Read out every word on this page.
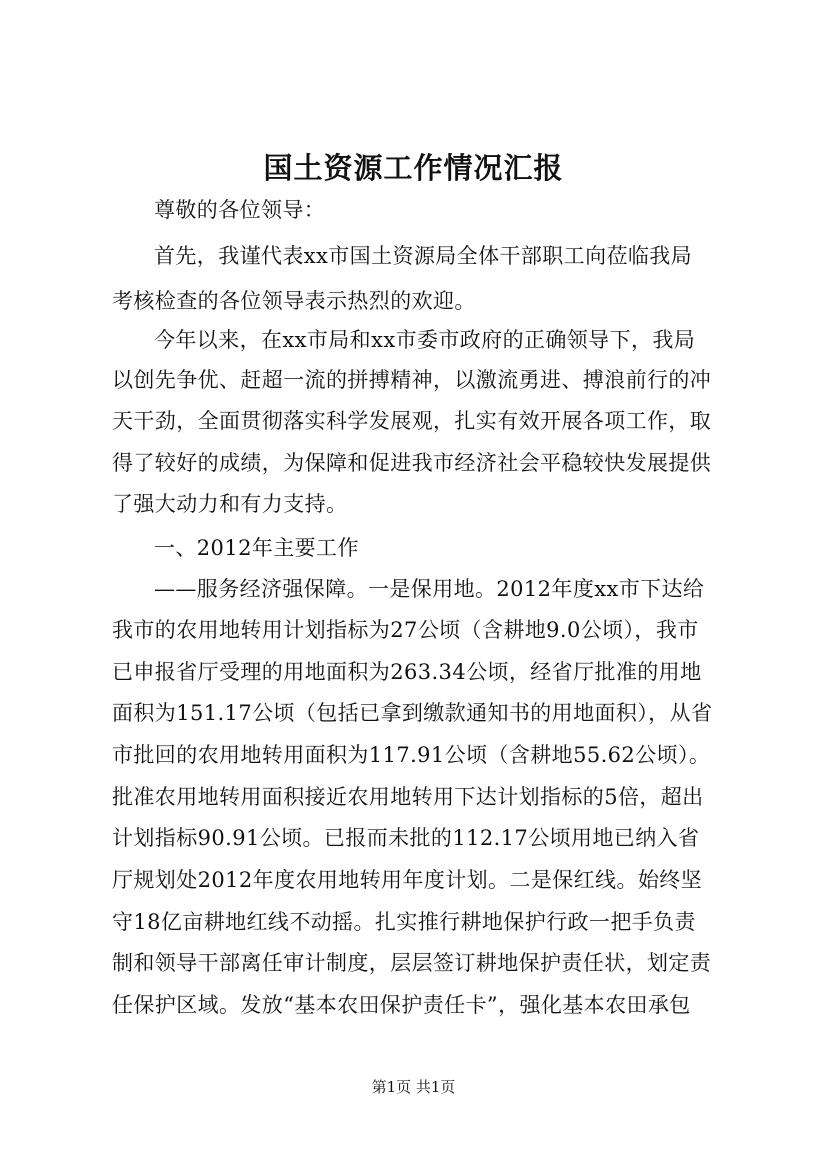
国土资源工作情况汇报
尊敬的各位领导：
首先，我谨代表xx市国土资源局全体干部职工向莅临我局
考核检查的各位领导表示热烈的欢迎。
今年以来，在xx市局和xx市委市政府的正确领导下，我局
以创先争优、赶超一流的拼搏精神，以激流勇进、搏浪前行的冲
天干劲，全面贯彻落实科学发展观，扎实有效开展各项工作，取
得了较好的成绩，为保障和促进我市经济社会平稳较快发展提供
了强大动力和有力支持。
一、2012年主要工作
——服务经济强保障。一是保用地。2012年度xx市下达给
我市的农用地转用计划指标为27公顷（含耕地9.0公顷），我市
已申报省厅受理的用地面积为263.34公顷，经省厅批准的用地
面积为151.17公顷（包括已拿到缴款通知书的用地面积），从省
市批回的农用地转用面积为117.91公顷（含耕地55.62公顷）。
批准农用地转用面积接近农用地转用下达计划指标的5倍，超出
计划指标90.91公顷。已报而未批的112.17公顷用地已纳入省
厅规划处2012年度农用地转用年度计划。二是保红线。始终坚
守18亿亩耕地红线不动摇。扎实推行耕地保护行政一把手负责
制和领导干部离任审计制度，层层签订耕地保护责任状，划定责
任保护区域。发放“基本农田保护责任卡”，强化基本农田承包
第1页 共1页
